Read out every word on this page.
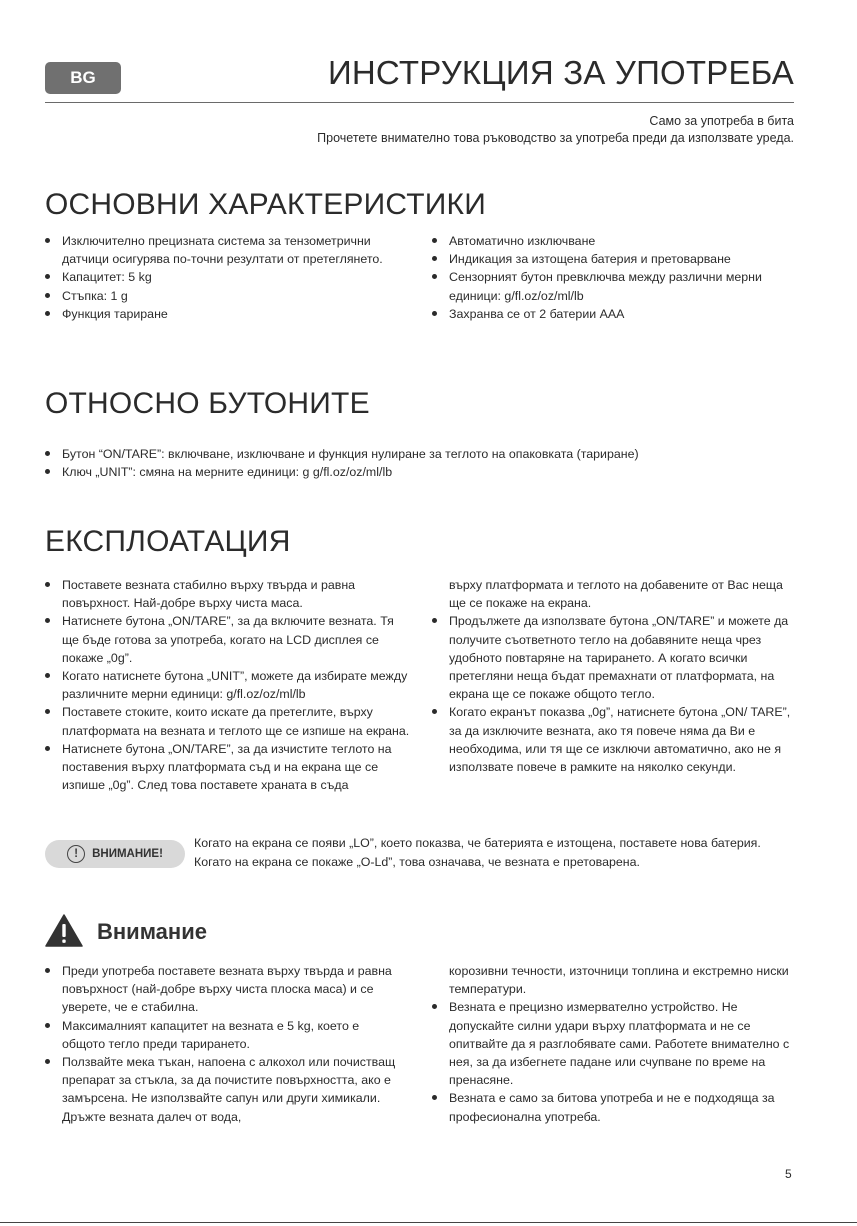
BG	ИНСТРУКЦИЯ ЗА УПОТРЕБА
Само за употреба в бита
Прочетете внимателно това ръководство за употреба преди да използвате уреда.
ОСНОВНИ ХАРАКТЕРИСТИКИ
Изключително прецизната система за тензометрични датчици осигурява по-точни резултати от претеглянето.
Капацитет: 5 kg
Стъпка: 1 g
Функция тариране
Автоматично изключване
Индикация за изтощена батерия и претоварване
Сензорният бутон превключва между различни мерни единици: g/fl.oz/oz/ml/lb
Захранва се от 2 батерии AAA
ОТНОСНО БУТОНИТЕ
Бутон “ON/TARE”: включване, изключване и функция нулиране за теглото на опаковката (тариране)
Ключ „UNIT”: смяна на мерните единици: g g/fl.oz/oz/ml/lb
ЕКСПЛОАТАЦИЯ
Поставете везната стабилно върху твърда и равна повърхност. Най-добре върху чиста маса.
Натиснете бутона „ON/TARE”, за да включите везната. Тя ще бъде готова за употреба, когато на LCD дисплея се покаже „0g”.
Когато натиснете бутона „UNIT”, можете да избирате между различните мерни единици: g/fl.oz/oz/ml/lb
Поставете стоките, които искате да претеглите, върху платформата на везната и теглото ще се изпише на екрана.
Натиснете бутона „ON/TARE”, за да изчистите теглото на поставения върху платформата съд и на екрана ще се изпише „0g”. След това поставете храната в съда
върху платформата и теглото на добавените от Вас неща ще се покаже на екрана.
Продължете да използвате бутона „ON/TARE” и можете да получите съответното тегло на добавяните неща чрез удобното повтаряне на тарирането. А когато всички претегляни неща бъдат премахнати от платформата, на екрана ще се покаже общото тегло.
Когато екранът показва „0g”, натиснете бутона „ON/ TARE”, за да изключите везната, ако тя повече няма да Ви е необходима, или тя ще се изключи автоматично, ако не я използвате повече в рамките на няколко секунди.
!	ВНИМАНИЕ!
Когато на екрана се появи „LO”, което показва, че батерията е изтощена, поставете нова батерия. Когато на екрана се покаже „O-Ld”, това означава, че везната е претоварена.
Внимание
Преди употреба поставете везната върху твърда и равна повърхност (най-добре върху чиста плоска маса) и се уверете, че е стабилна.
Максималният капацитет на везната е 5 kg, което е общото тегло преди тарирането.
Ползвайте мека тъкан, напоена с алкохол или почистващ препарат за стъкла, за да почистите повърхността, ако е замърсена. Не използвайте сапун или други химикали. Дръжте везната далеч от вода,
корозивни течности, източници топлина и екстремно ниски температури.
Везната е прецизно измервателно устройство. Не допускайте силни удари върху платформата и не се опитвайте да я разглобявате сами. Работете внимателно с нея, за да избегнете падане или счупване по време на пренасяне.
Везната е само за битова употреба и не е подходяща за професионална употреба.
5
